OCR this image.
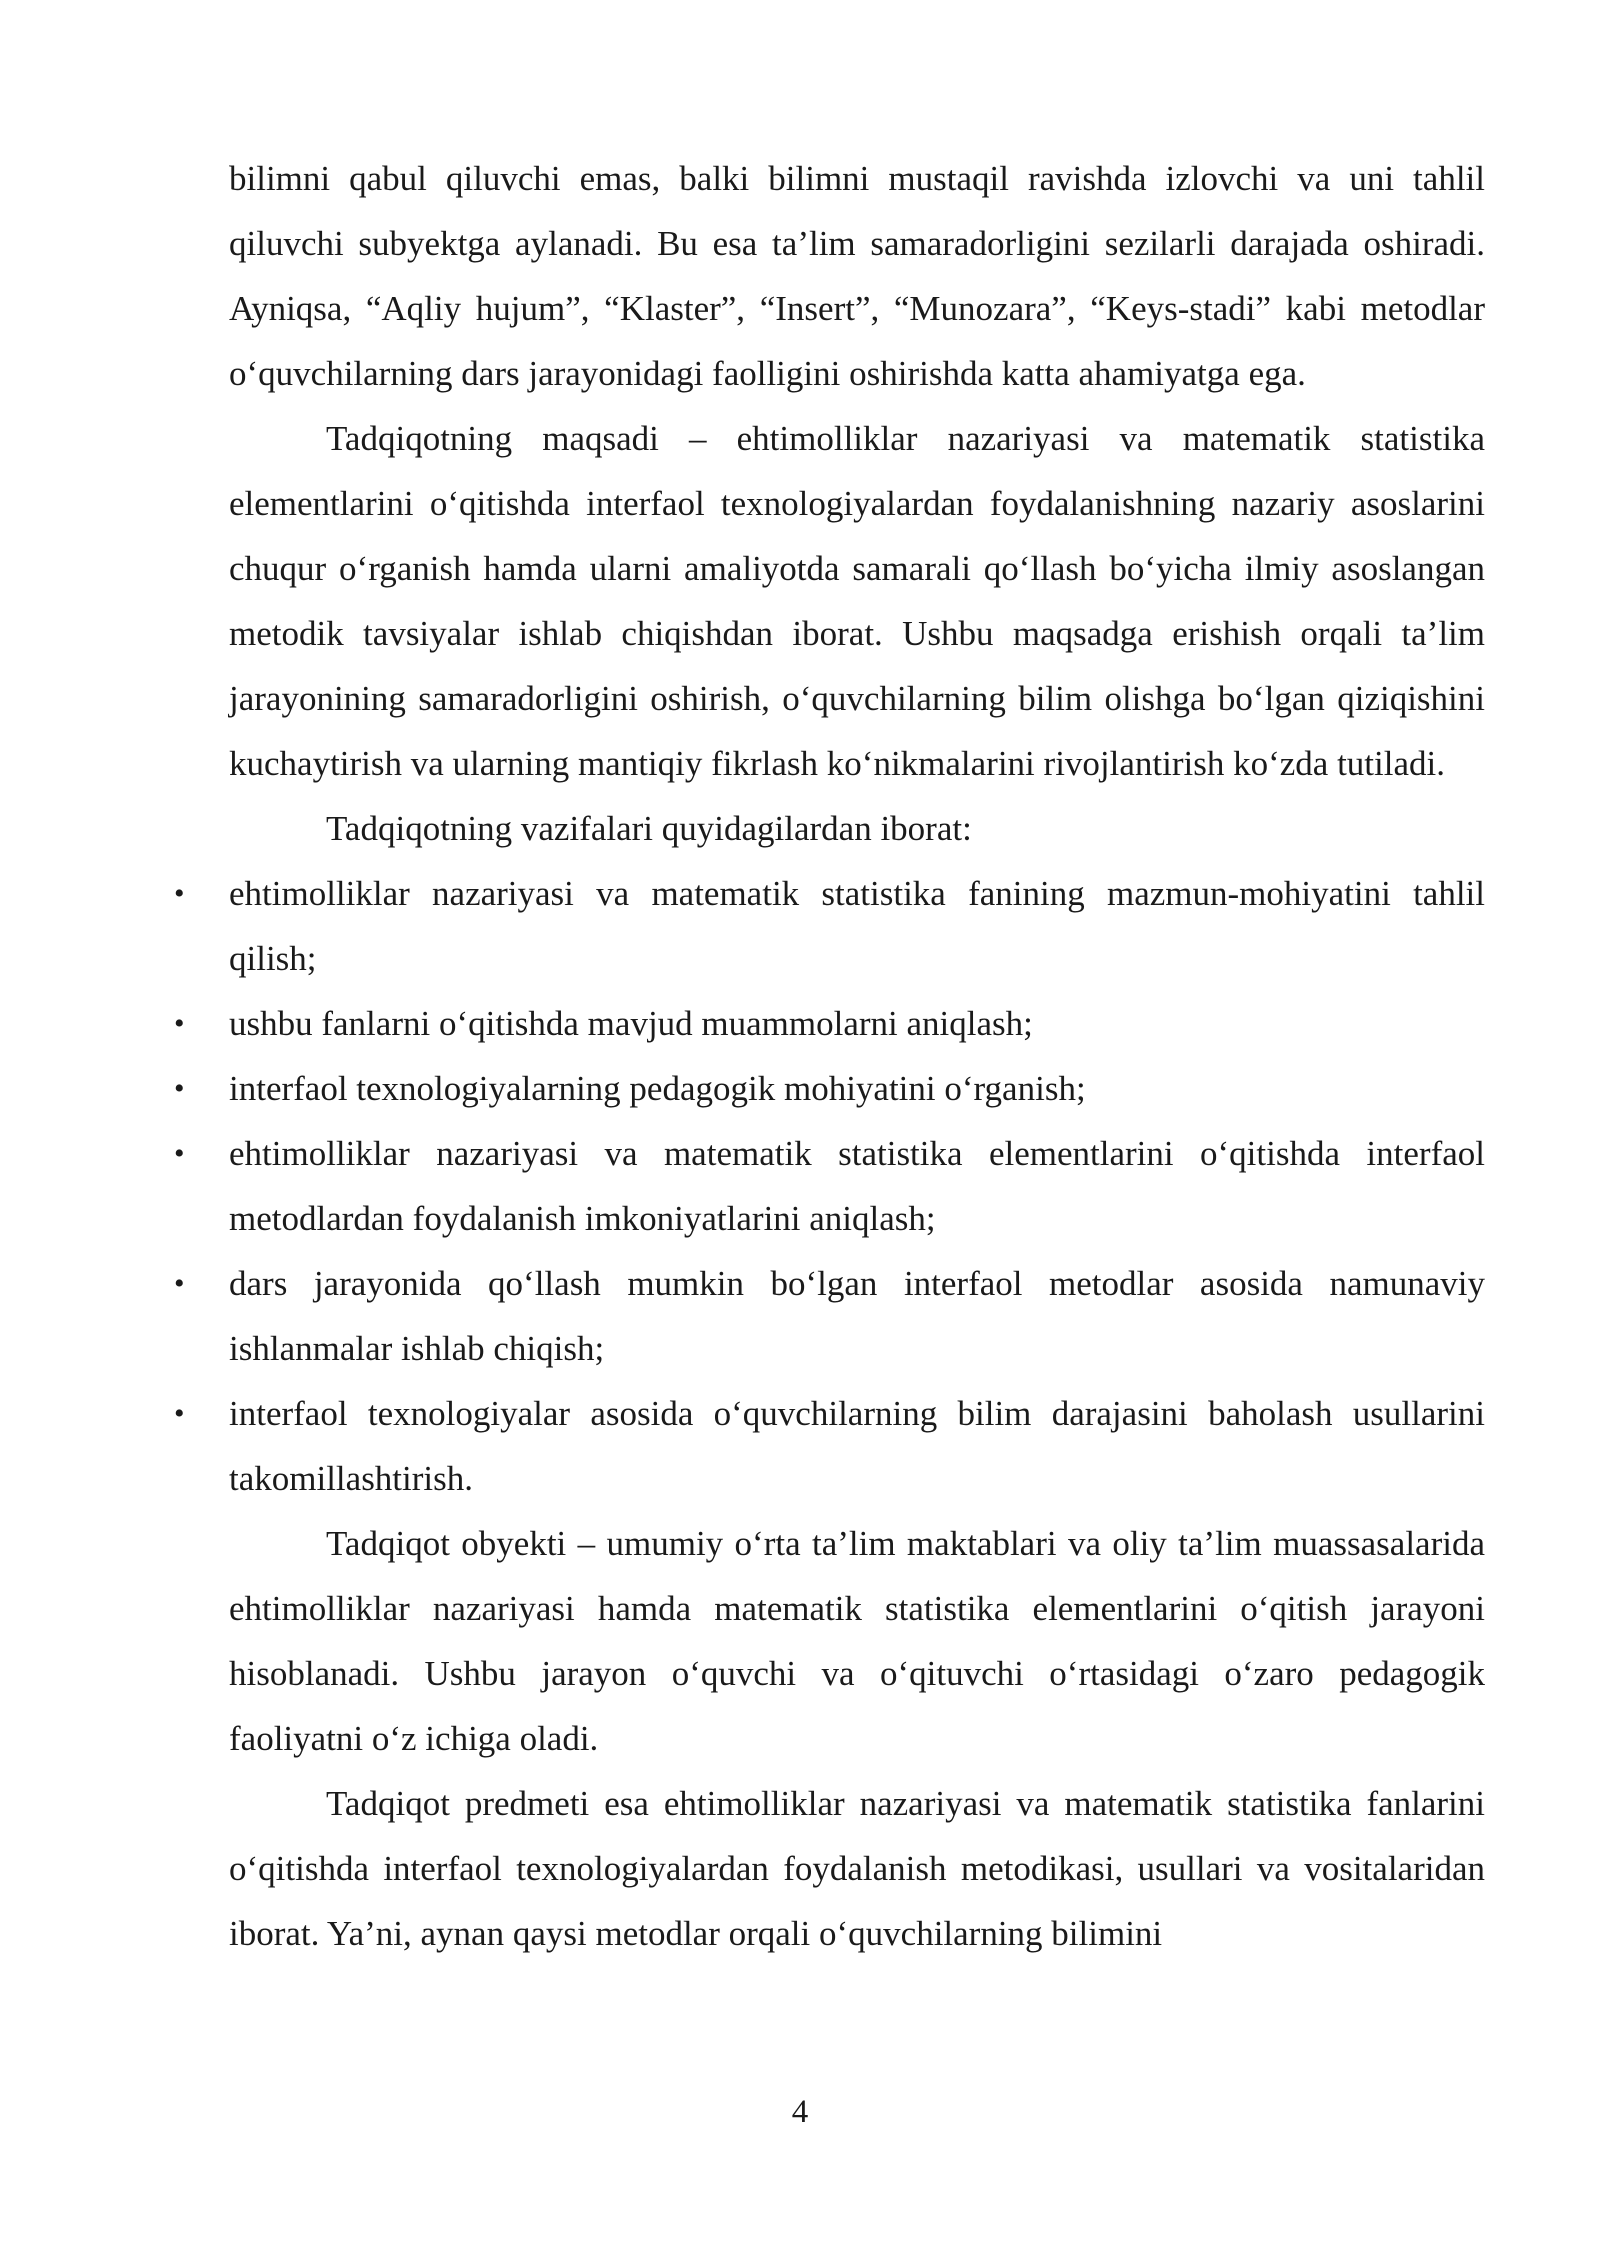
bilimni qabul qiluvchi emas, balki bilimni mustaqil ravishda izlovchi va uni tahlil qiluvchi subyektga aylanadi. Bu esa ta’lim samaradorligini sezilarli darajada oshiradi. Ayniqsa, “Aqliy hujum”, “Klaster”, “Insert”, “Munozara”, “Keys-stadi” kabi metodlar o‘quvchilarning dars jarayonidagi faolligini oshirishda katta ahamiyatga ega.

Tadqiqotning maqsadi – ehtimolliklar nazariyasi va matematik statistika elementlarini o‘qitishda interfaol texnologiyalardan foydalanishning nazariy asoslarini chuqur o‘rganish hamda ularni amaliyotda samarali qo‘llash bo‘yicha ilmiy asoslangan metodik tavsiyalar ishlab chiqishdan iborat. Ushbu maqsadga erishish orqali ta’lim jarayonining samaradorligini oshirish, o‘quvchilarning bilim olishga bo‘lgan qiziqishini kuchaytirish va ularning mantiqiy fikrlash ko‘nikmalarini rivojlantirish ko‘zda tutiladi.

Tadqiqotning vazifalari quyidagilardan iborat:

• ehtimolliklar nazariyasi va matematik statistika fanining mazmun-mohiyatini tahlil qilish;
• ushbu fanlarni o‘qitishda mavjud muammolarni aniqlash;
• interfaol texnologiyalarning pedagogik mohiyatini o‘rganish;
• ehtimolliklar nazariyasi va matematik statistika elementlarini o‘qitishda interfaol metodlardan foydalanish imkoniyatlarini aniqlash;
• dars jarayonida qo‘llash mumkin bo‘lgan interfaol metodlar asosida namunaviy ishlanmalar ishlab chiqish;
• interfaol texnologiyalar asosida o‘quvchilarning bilim darajasini baholash usullarini takomillashtirish.

Tadqiqot obyekti – umumiy o‘rta ta’lim maktablari va oliy ta’lim muassasalarida ehtimolliklar nazariyasi hamda matematik statistika elementlarini o‘qitish jarayoni hisoblanadi. Ushbu jarayon o‘quvchi va o‘qituvchi o‘rtasidagi o‘zaro pedagogik faoliyatni o‘z ichiga oladi.

Tadqiqot predmeti esa ehtimolliklar nazariyasi va matematik statistika fanlarini o‘qitishda interfaol texnologiyalardan foydalanish metodikasi, usullari va vositalaridan iborat. Ya’ni, aynan qaysi metodlar orqali o‘quvchilarning bilimini

4
